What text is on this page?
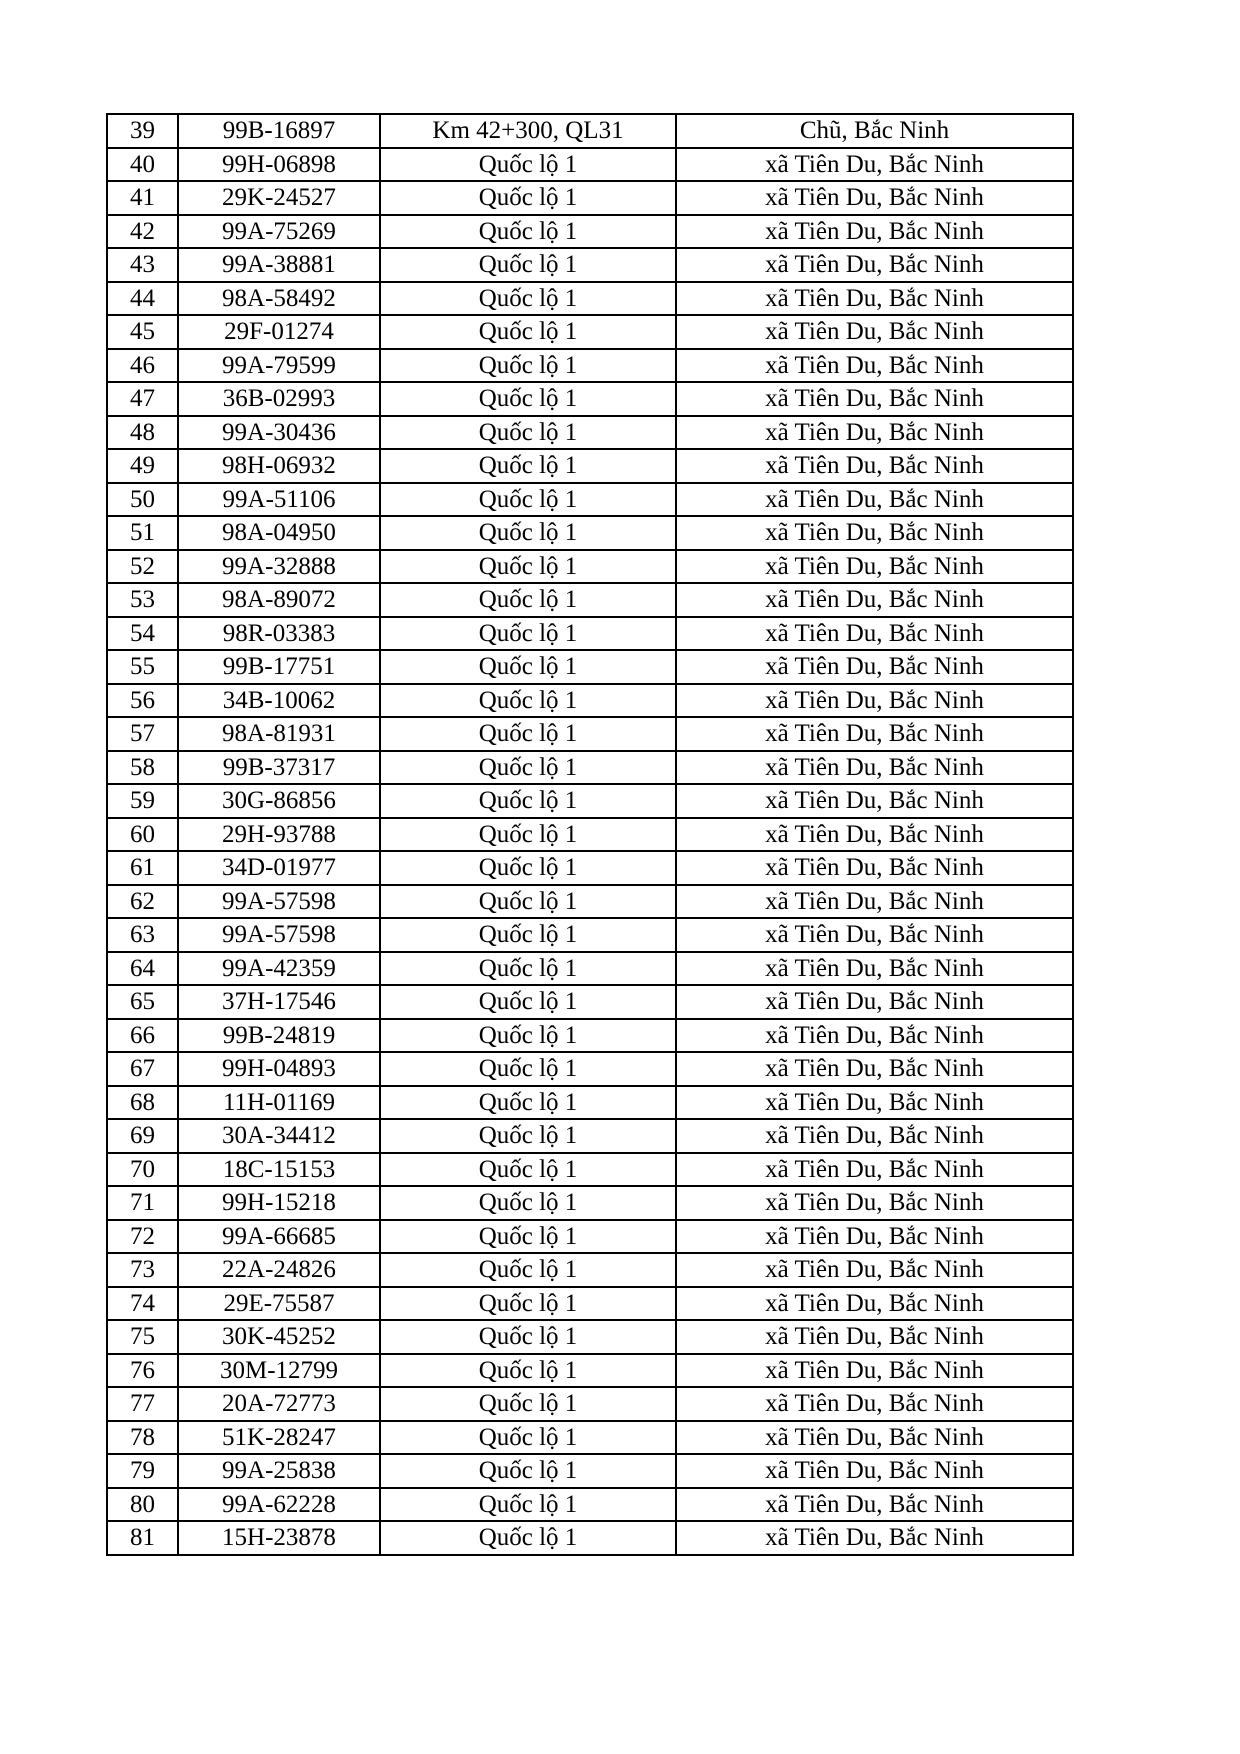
39	99B-16897	Km 42+300, QL31	Chũ, Bắc Ninh
40	99H-06898	Quốc lộ 1	xã Tiên Du, Bắc Ninh
41	29K-24527	Quốc lộ 1	xã Tiên Du, Bắc Ninh
42	99A-75269	Quốc lộ 1	xã Tiên Du, Bắc Ninh
43	99A-38881	Quốc lộ 1	xã Tiên Du, Bắc Ninh
44	98A-58492	Quốc lộ 1	xã Tiên Du, Bắc Ninh
45	29F-01274	Quốc lộ 1	xã Tiên Du, Bắc Ninh
46	99A-79599	Quốc lộ 1	xã Tiên Du, Bắc Ninh
47	36B-02993	Quốc lộ 1	xã Tiên Du, Bắc Ninh
48	99A-30436	Quốc lộ 1	xã Tiên Du, Bắc Ninh
49	98H-06932	Quốc lộ 1	xã Tiên Du, Bắc Ninh
50	99A-51106	Quốc lộ 1	xã Tiên Du, Bắc Ninh
51	98A-04950	Quốc lộ 1	xã Tiên Du, Bắc Ninh
52	99A-32888	Quốc lộ 1	xã Tiên Du, Bắc Ninh
53	98A-89072	Quốc lộ 1	xã Tiên Du, Bắc Ninh
54	98R-03383	Quốc lộ 1	xã Tiên Du, Bắc Ninh
55	99B-17751	Quốc lộ 1	xã Tiên Du, Bắc Ninh
56	34B-10062	Quốc lộ 1	xã Tiên Du, Bắc Ninh
57	98A-81931	Quốc lộ 1	xã Tiên Du, Bắc Ninh
58	99B-37317	Quốc lộ 1	xã Tiên Du, Bắc Ninh
59	30G-86856	Quốc lộ 1	xã Tiên Du, Bắc Ninh
60	29H-93788	Quốc lộ 1	xã Tiên Du, Bắc Ninh
61	34D-01977	Quốc lộ 1	xã Tiên Du, Bắc Ninh
62	99A-57598	Quốc lộ 1	xã Tiên Du, Bắc Ninh
63	99A-57598	Quốc lộ 1	xã Tiên Du, Bắc Ninh
64	99A-42359	Quốc lộ 1	xã Tiên Du, Bắc Ninh
65	37H-17546	Quốc lộ 1	xã Tiên Du, Bắc Ninh
66	99B-24819	Quốc lộ 1	xã Tiên Du, Bắc Ninh
67	99H-04893	Quốc lộ 1	xã Tiên Du, Bắc Ninh
68	11H-01169	Quốc lộ 1	xã Tiên Du, Bắc Ninh
69	30A-34412	Quốc lộ 1	xã Tiên Du, Bắc Ninh
70	18C-15153	Quốc lộ 1	xã Tiên Du, Bắc Ninh
71	99H-15218	Quốc lộ 1	xã Tiên Du, Bắc Ninh
72	99A-66685	Quốc lộ 1	xã Tiên Du, Bắc Ninh
73	22A-24826	Quốc lộ 1	xã Tiên Du, Bắc Ninh
74	29E-75587	Quốc lộ 1	xã Tiên Du, Bắc Ninh
75	30K-45252	Quốc lộ 1	xã Tiên Du, Bắc Ninh
76	30M-12799	Quốc lộ 1	xã Tiên Du, Bắc Ninh
77	20A-72773	Quốc lộ 1	xã Tiên Du, Bắc Ninh
78	51K-28247	Quốc lộ 1	xã Tiên Du, Bắc Ninh
79	99A-25838	Quốc lộ 1	xã Tiên Du, Bắc Ninh
80	99A-62228	Quốc lộ 1	xã Tiên Du, Bắc Ninh
81	15H-23878	Quốc lộ 1	xã Tiên Du, Bắc Ninh
